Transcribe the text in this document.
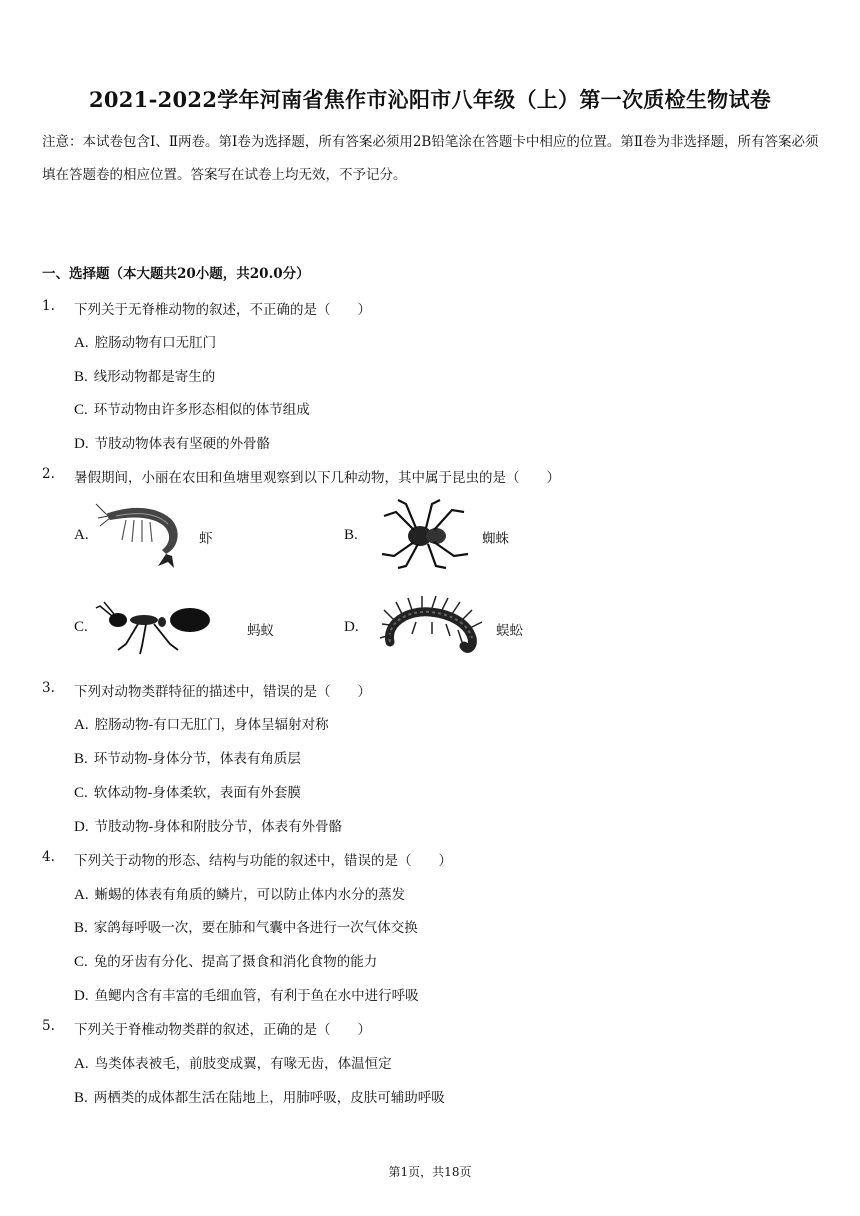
2021-2022学年河南省焦作市沁阳市八年级（上）第一次质检生物试卷
注意：本试卷包含Ⅰ、Ⅱ两卷。第Ⅰ卷为选择题，所有答案必须用2B铅笔涂在答题卡中相应的位置。第Ⅱ卷为非选择题，所有答案必须填在答题卷的相应位置。答案写在试卷上均无效，不予记分。
一、选择题（本大题共20小题，共20.0分）
1. 下列关于无脊椎动物的叙述，不正确的是（　　）
A. 腔肠动物有口无肛门
B. 线形动物都是寄生的
C. 环节动物由许多形态相似的体节组成
D. 节肢动物体表有坚硬的外骨骼
2. 暑假期间，小丽在农田和鱼塘里观察到以下几种动物，其中属于昆虫的是（　　）
A.	虾	B.	蜘蛛
C.	蚂蚁	D.	蜈蚣
3. 下列对动物类群特征的描述中，错误的是（　　）
A. 腔肠动物-有口无肛门，身体呈辐射对称
B. 环节动物-身体分节，体表有角质层
C. 软体动物-身体柔软，表面有外套膜
D. 节肢动物-身体和附肢分节，体表有外骨骼
4. 下列关于动物的形态、结构与功能的叙述中，错误的是（　　）
A. 蜥蜴的体表有角质的鳞片，可以防止体内水分的蒸发
B. 家鸽每呼吸一次，要在肺和气囊中各进行一次气体交换
C. 兔的牙齿有分化、提高了摄食和消化食物的能力
D. 鱼鳃内含有丰富的毛细血管，有利于鱼在水中进行呼吸
5. 下列关于脊椎动物类群的叙述，正确的是（　　）
A. 鸟类体表被毛，前肢变成翼，有喙无齿，体温恒定
B. 两栖类的成体都生活在陆地上，用肺呼吸，皮肤可辅助呼吸
第1页，共18页
